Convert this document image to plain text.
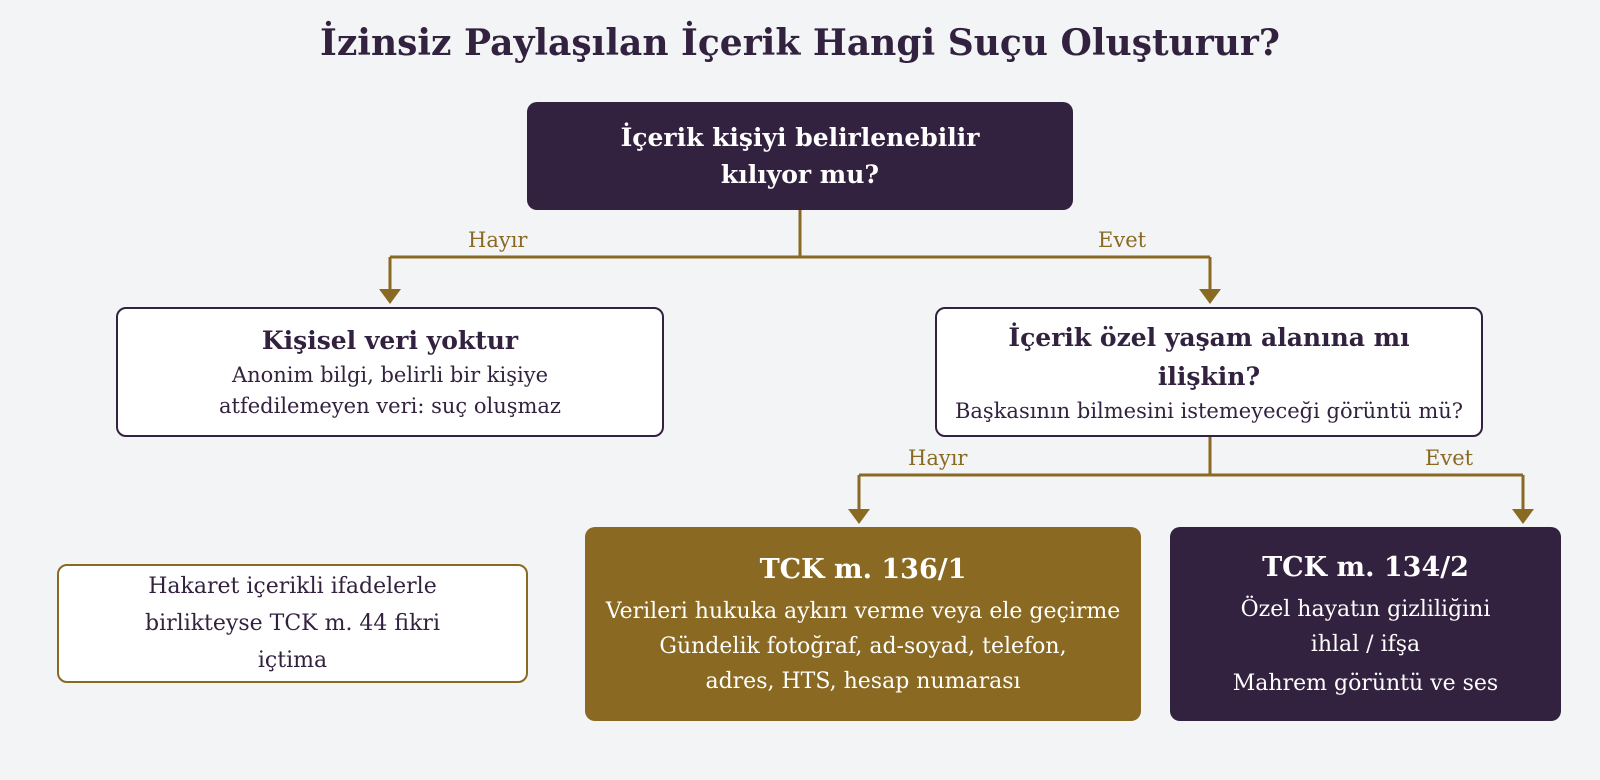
İzinsiz Paylaşılan İçerik Hangi Suçu Oluşturur?
Hayır	Evet
Hayır	Evet
İçerik kişiyi belirlenebilir kılıyor mu?
Kişisel veri yoktur
Anonim bilgi, belirli bir kişiye atfedilemeyen veri: suç oluşmaz
İçerik özel yaşam alanına mı ilişkin?
Başkasının bilmesini istemeyeceği görüntü mü?
Hakaret içerikli ifadelerle birlikteyse TCK m. 44 fikri içtima
TCK m. 136/1
Verileri hukuka aykırı verme veya ele geçirme
Gündelik fotoğraf, ad-soyad, telefon, adres, HTS, hesap numarası
TCK m. 134/2
Özel hayatın gizliliğini ihlal / ifşa
Mahrem görüntü ve ses
